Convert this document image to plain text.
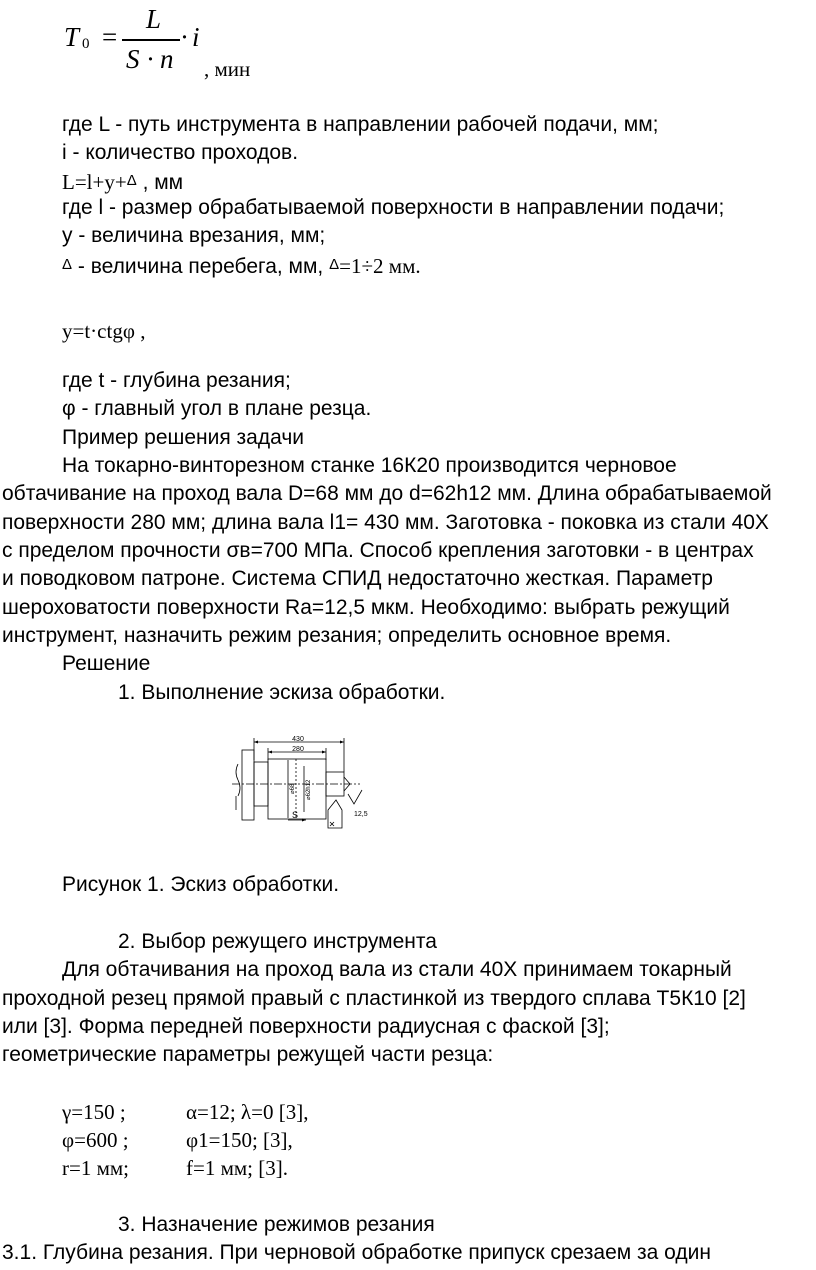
T 0 =
L
S · n
· i
, мин
где L - путь инструмента в направлении рабочей подачи, мм;
i - количество проходов.
L=l+y+Δ , мм
где l - размер обрабатываемой поверхности в направлении подачи;
у - величина врезания, мм;
Δ - величина перебега, мм, Δ=1÷2 мм.
y=t·ctgφ ,
где t - глубина резания;
φ - главный угол в плане резца.
Пример решения задачи
На токарно-винторезном станке 16К20 производится черновое
обтачивание на проход вала D=68 мм до d=62h12 мм. Длина обрабатываемой
поверхности 280 мм; длина вала l1= 430 мм. Заготовка - поковка из стали 40Х
с пределом прочности σв=700 МПа. Способ крепления заготовки - в центрах
и поводковом патроне. Система СПИД недостаточно жесткая. Параметр
шероховатости поверхности Ra=12,5 мкм. Необходимо: выбрать режущий
инструмент, назначить режим резания; определить основное время.
Решение
1. Выполнение эскиза обработки.
430
280
⌀68 ⌀62h12
S	12,5
Рисунок 1. Эскиз обработки.
2. Выбор режущего инструмента
Для обтачивания на проход вала из стали 40Х принимаем токарный
проходной резец прямой правый с пластинкой из твердого сплава Т5К10 [2]
или [3]. Форма передней поверхности радиусная с фаской [3];
геометрические параметры режущей части резца:
γ=150 ;	α=12; λ=0 [3],
φ=600 ;	φ1=150; [3],
r=1 мм;	f=1 мм; [3].
3. Назначение режимов резания
3.1. Глубина резания. При черновой обработке припуск срезаем за один
